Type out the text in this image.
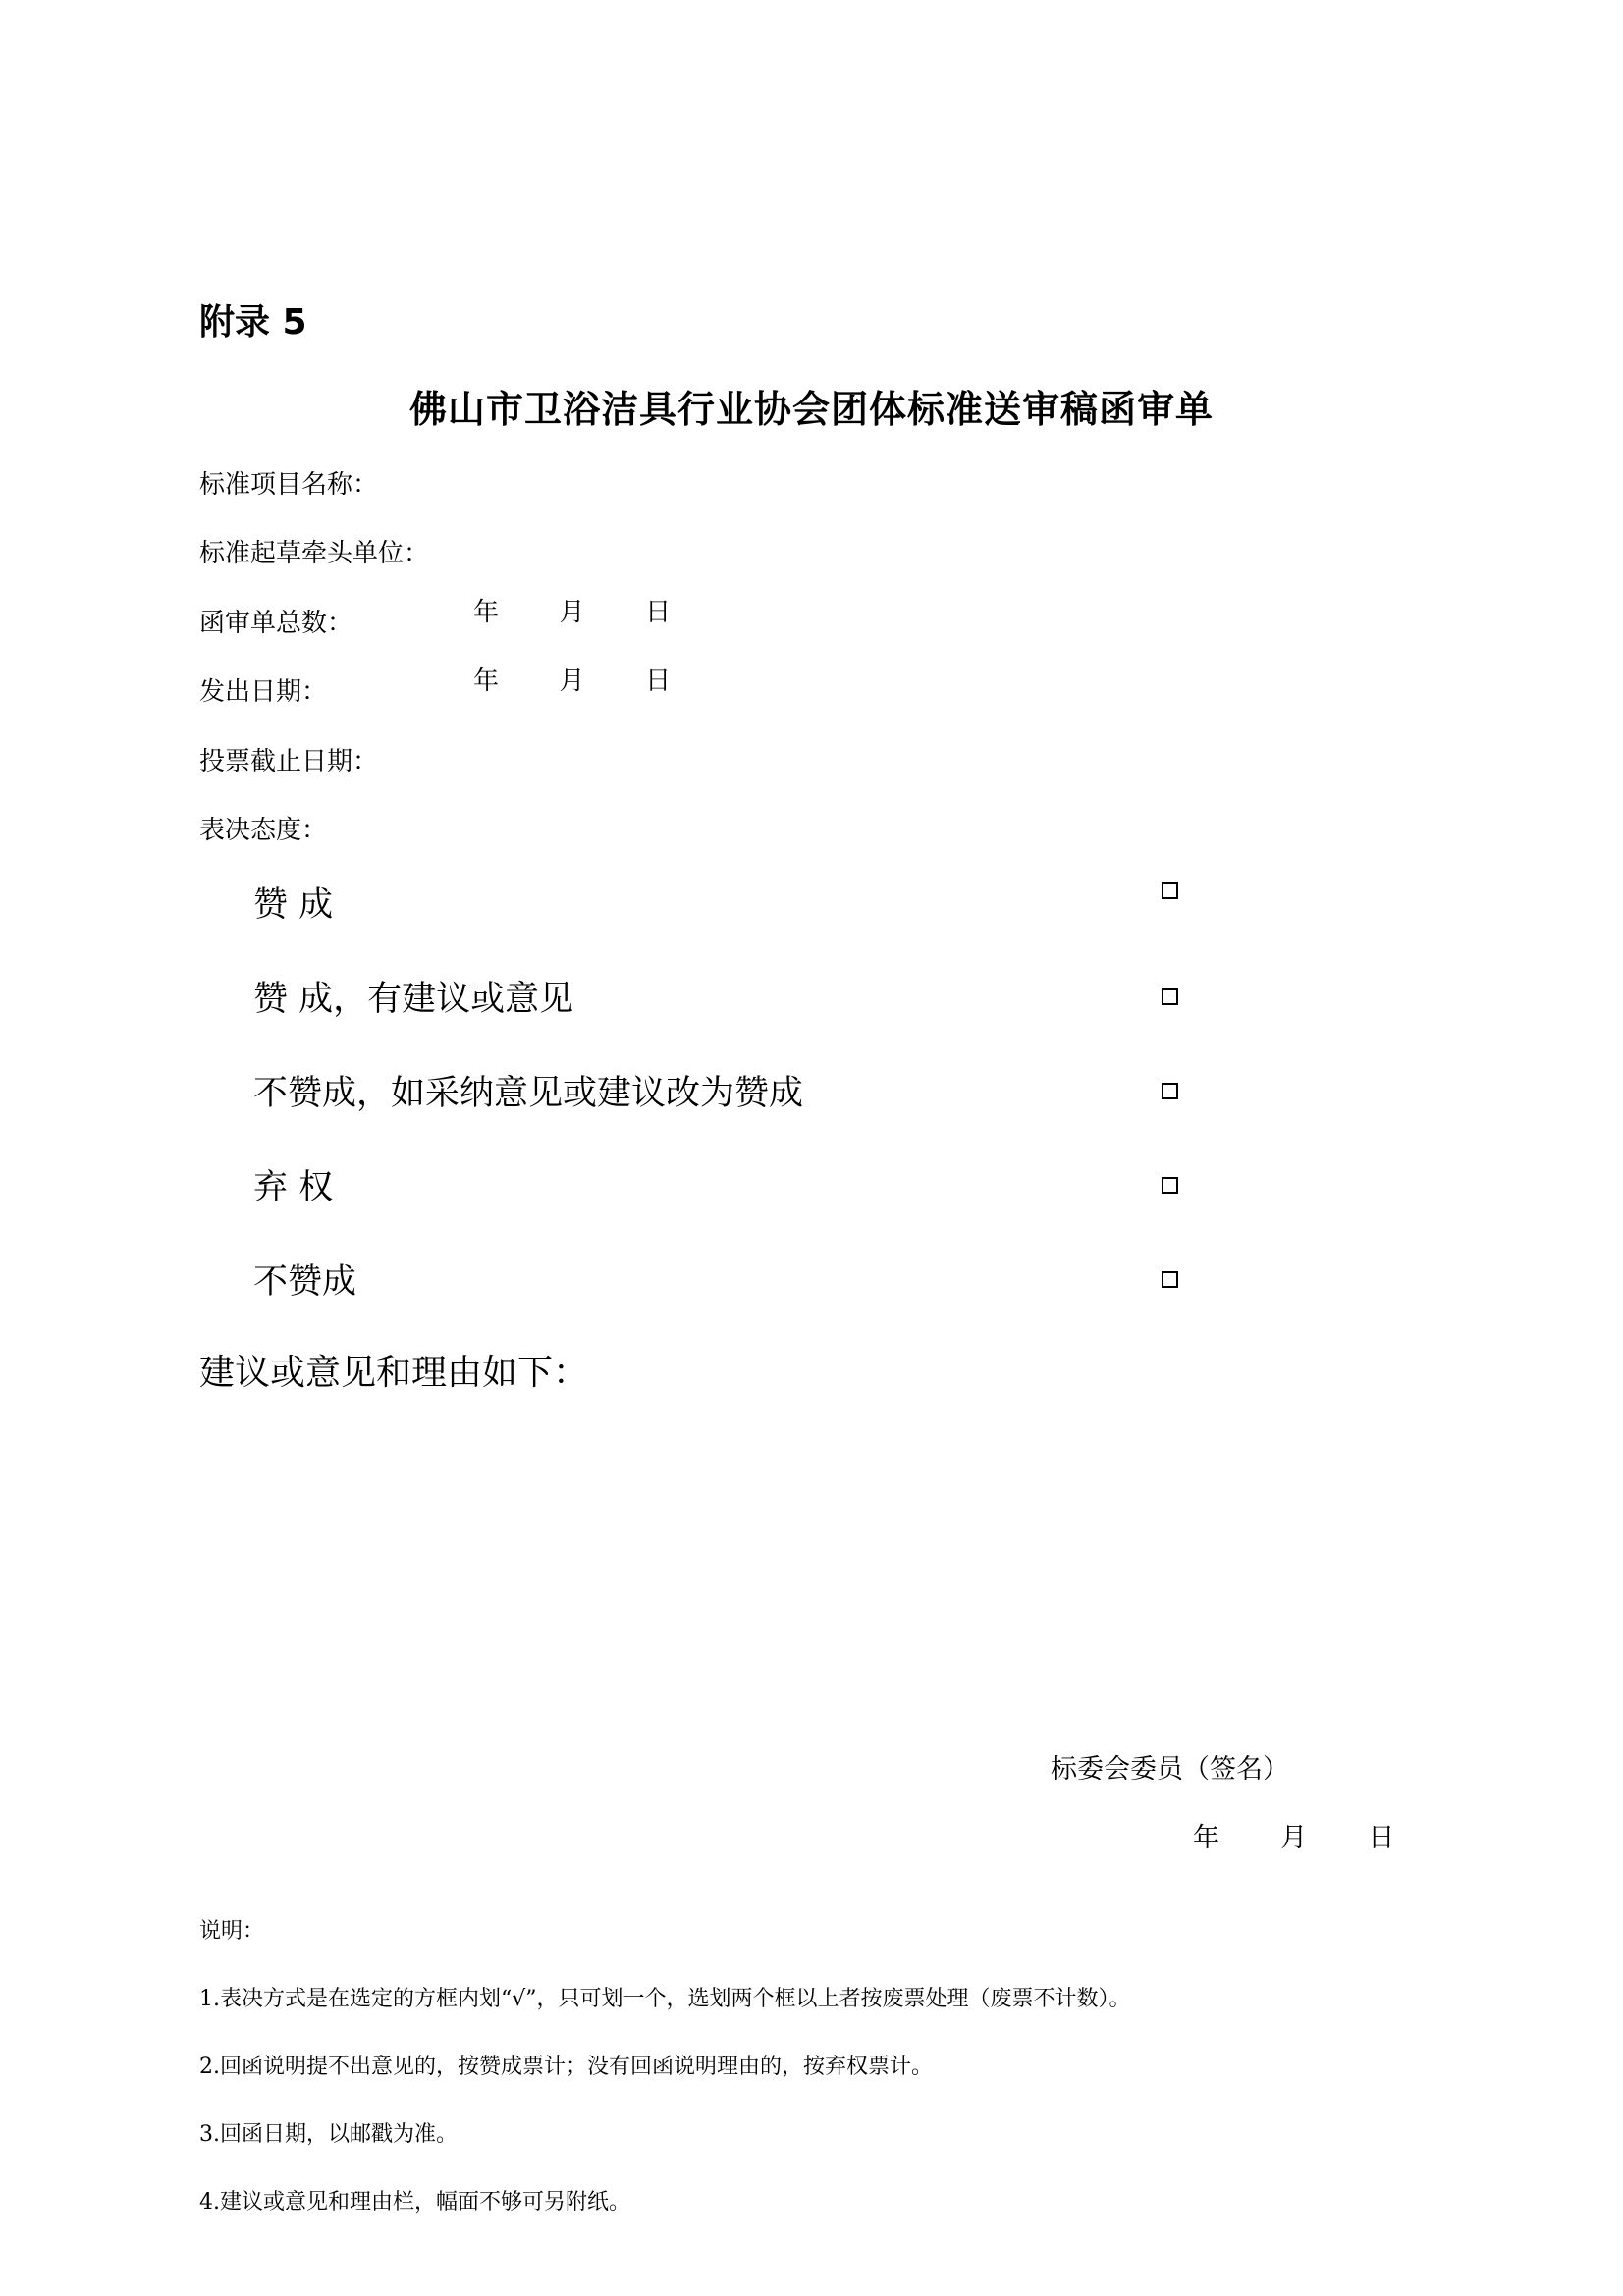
附录 5
佛山市卫浴洁具行业协会团体标准送审稿函审单
标准项目名称：
标准起草牵头单位：
函审单总数：
发出日期：
投票截止日期：
表决态度：
年 月 日
年 月 日
赞 成
赞 成，有建议或意见
不赞成，如采纳意见或建议改为赞成
弃 权
不赞成
建议或意见和理由如下：
标委会委员（签名）
年 月 日
说明：
1.表决方式是在选定的方框内划“√”，只可划一个，选划两个框以上者按废票处理（废票不计数）。
2.回函说明提不出意见的，按赞成票计；没有回函说明理由的，按弃权票计。
3.回函日期，以邮戳为准。
4.建议或意见和理由栏，幅面不够可另附纸。
